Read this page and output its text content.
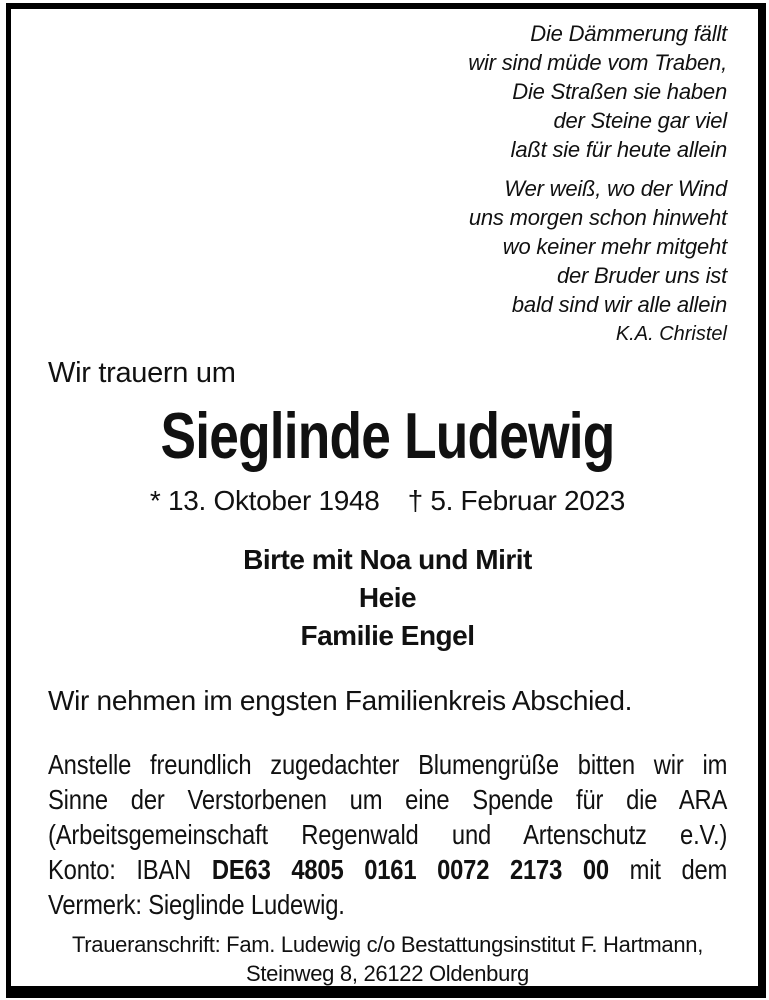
Die Dämmerung fällt
wir sind müde vom Traben,
Die Straßen sie haben
der Steine gar viel
laßt sie für heute allein
Wer weiß, wo der Wind
uns morgen schon hinweht
wo keiner mehr mitgeht
der Bruder uns ist
bald sind wir alle allein
K.A. Christel
Wir trauern um
Sieglinde Ludewig
* 13. Oktober 1948 † 5. Februar 2023
Birte mit Noa und Mirit
Heie
Familie Engel
Wir nehmen im engsten Familienkreis Abschied.
Anstelle freundlich zugedachter Blumengrüße bitten wir im
Sinne der Verstorbenen um eine Spende für die ARA
(Arbeitsgemeinschaft Regenwald und Artenschutz e.V.)
Konto: IBAN DE63 4805 0161 0072 2173 00 mit dem
Vermerk: Sieglinde Ludewig.
Traueranschrift: Fam. Ludewig c/o Bestattungsinstitut F. Hartmann,
Steinweg 8, 26122 Oldenburg
